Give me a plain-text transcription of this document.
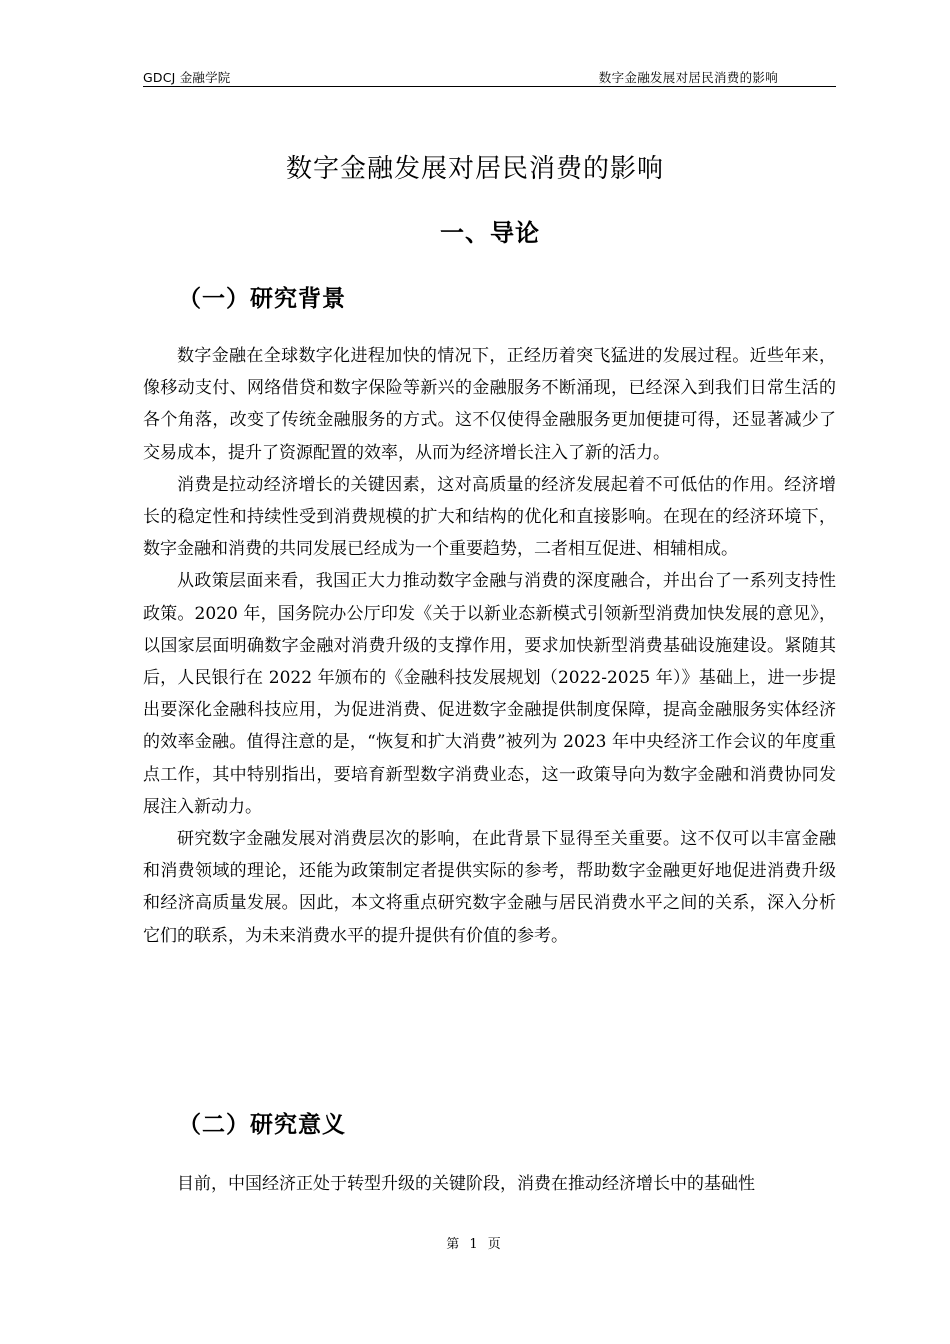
GDCJ 金融学院	数字金融发展对居民消费的影响
数字金融发展对居民消费的影响
一、导论
（一）研究背景

数字金融在全球数字化进程加快的情况下，正经历着突飞猛进的发展过程。近些年来，像移动支付、网络借贷和数字保险等新兴的金融服务不断涌现，已经深入到我们日常生活的各个角落，改变了传统金融服务的方式。这不仅使得金融服务更加便捷可得，还显著减少了交易成本，提升了资源配置的效率，从而为经济增长注入了新的活力。

消费是拉动经济增长的关键因素，这对高质量的经济发展起着不可低估的作用。经济增长的稳定性和持续性受到消费规模的扩大和结构的优化和直接影响。在现在的经济环境下，数字金融和消费的共同发展已经成为一个重要趋势，二者相互促进、相辅相成。

从政策层面来看，我国正大力推动数字金融与消费的深度融合，并出台了一系列支持性政策。2020 年，国务院办公厅印发《关于以新业态新模式引领新型消费加快发展的意见》，以国家层面明确数字金融对消费升级的支撑作用，要求加快新型消费基础设施建设。紧随其后，人民银行在 2022 年颁布的《金融科技发展规划（2022-2025 年）》基础上，进一步提出要深化金融科技应用，为促进消费、促进数字金融提供制度保障，提高金融服务实体经济的效率金融。值得注意的是，“恢复和扩大消费”被列为 2023 年中央经济工作会议的年度重点工作，其中特别指出，要培育新型数字消费业态，这一政策导向为数字金融和消费协同发展注入新动力。

研究数字金融发展对消费层次的影响，在此背景下显得至关重要。这不仅可以丰富金融和消费领域的理论，还能为政策制定者提供实际的参考，帮助数字金融更好地促进消费升级和经济高质量发展。因此，本文将重点研究数字金融与居民消费水平之间的关系，深入分析它们的联系，为未来消费水平的提升提供有价值的参考。

（二）研究意义

目前，中国经济正处于转型升级的关键阶段，消费在推动经济增长中的基础性

第 1 页
